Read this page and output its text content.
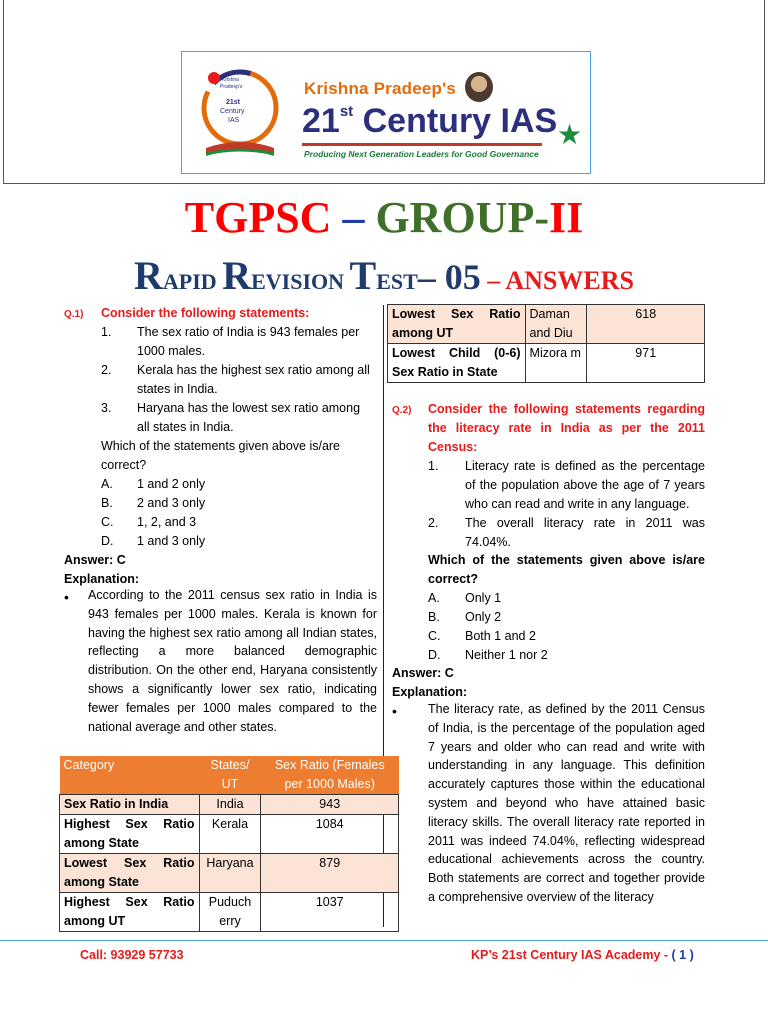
Krishna
Pradeep's
21st
Century
IAS
Krishna Pradeep's
21st Century IAS ★
Producing Next Generation Leaders for Good Governance
TGPSC – GROUP-II
RAPID REVISION TEST– 05 – ANSWERS
Q.1) Consider the following statements:
1. The sex ratio of India is 943 females per
1000 males.
2. Kerala has the highest sex ratio among all
states in India.
3. Haryana has the lowest sex ratio among
all states in India.
Which of the statements given above is/are
correct?
A. 1 and 2 only
B. 2 and 3 only
C. 1, 2, and 3
D. 1 and 3 only
Answer: C
Explanation:
• According to the 2011 census sex ratio in India is 943 females per 1000 males. Kerala is known for having the highest sex ratio among all Indian states, reflecting a more balanced demographic distribution. On the other end, Haryana consistently shows a significantly lower sex ratio, indicating fewer females per 1000 males compared to the national average and other states.
Category	States/ UT	Sex Ratio (Females per 1000 Males)
Sex Ratio in India	India	943
Highest Sex Ratio among State	Kerala	1084
Lowest Sex Ratio among State	Haryana	879
Highest Sex Ratio among UT	Puduch erry	1037
Lowest Sex Ratio among UT	Daman and Diu	618
Lowest Child (0-6) Sex Ratio in State	Mizora m	971
Q.2) Consider the following statements regarding the literacy rate in India as per the 2011 Census:
1. Literacy rate is defined as the percentage of the population above the age of 7 years who can read and write in any language.
2. The overall literacy rate in 2011 was 74.04%.
Which of the statements given above is/are correct?
A. Only 1
B. Only 2
C. Both 1 and 2
D. Neither 1 nor 2
Answer: C
Explanation:
• The literacy rate, as defined by the 2011 Census of India, is the percentage of the population aged 7 years and older who can read and write with understanding in any language. This definition accurately captures those within the educational system and beyond who have attained basic literacy skills. The overall literacy rate reported in 2011 was indeed 74.04%, reflecting widespread educational achievements across the country. Both statements are correct and together provide a comprehensive overview of the literacy
Call: 93929 57733	KP’s 21st Century IAS Academy - ( 1 )
